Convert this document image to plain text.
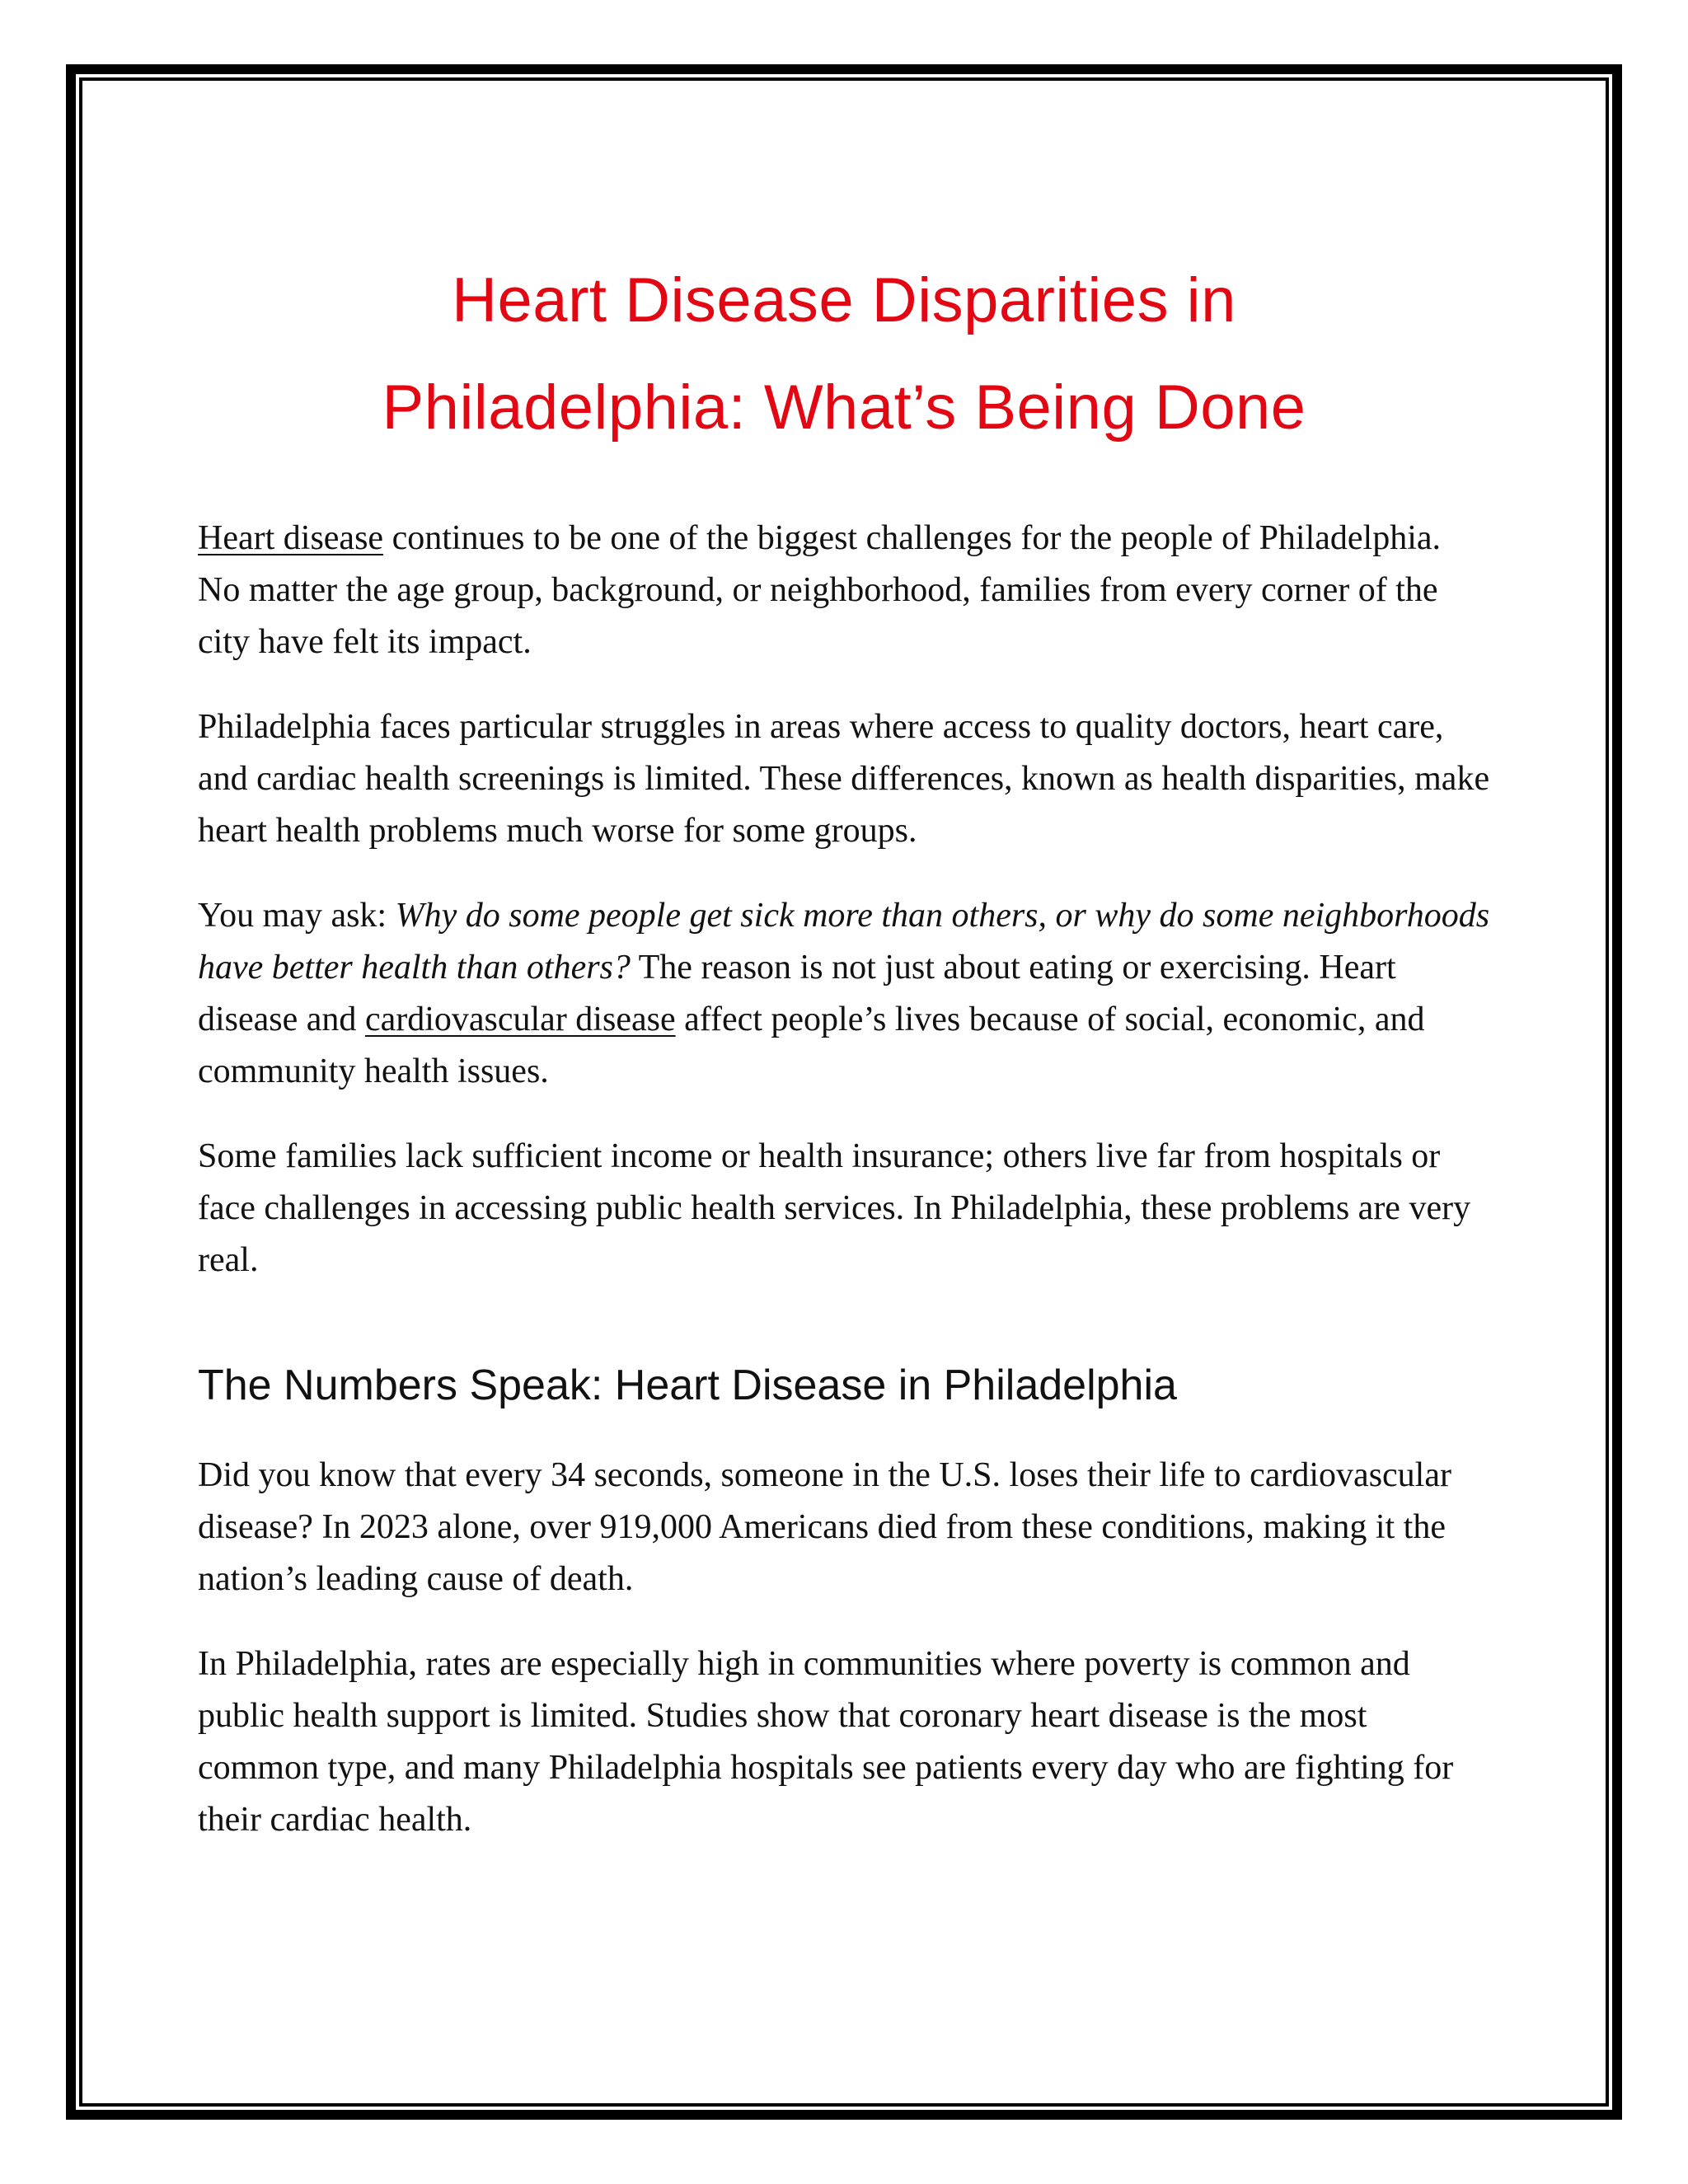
Heart Disease Disparities in
Philadelphia: What’s Being Done

Heart disease continues to be one of the biggest challenges for the people of Philadelphia. No matter the age group, background, or neighborhood, families from every corner of the city have felt its impact.

Philadelphia faces particular struggles in areas where access to quality doctors, heart care, and cardiac health screenings is limited. These differences, known as health disparities, make heart health problems much worse for some groups.

You may ask: Why do some people get sick more than others, or why do some neighborhoods have better health than others? The reason is not just about eating or exercising. Heart disease and cardiovascular disease affect people’s lives because of social, economic, and community health issues.

Some families lack sufficient income or health insurance; others live far from hospitals or face challenges in accessing public health services. In Philadelphia, these problems are very real.

The Numbers Speak: Heart Disease in Philadelphia

Did you know that every 34 seconds, someone in the U.S. loses their life to cardiovascular disease? In 2023 alone, over 919,000 Americans died from these conditions, making it the nation’s leading cause of death.

In Philadelphia, rates are especially high in communities where poverty is common and public health support is limited. Studies show that coronary heart disease is the most common type, and many Philadelphia hospitals see patients every day who are fighting for their cardiac health.
